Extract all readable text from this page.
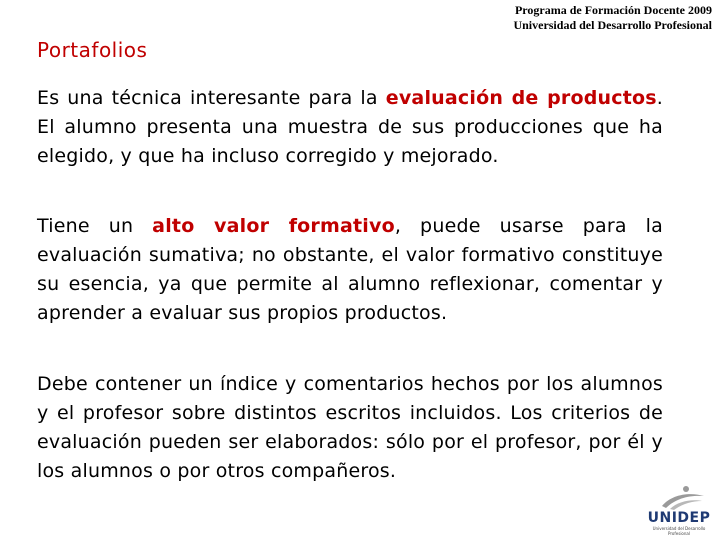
Programa de Formación Docente 2009
Universidad del Desarrollo Profesional
Portafolios

Es una técnica interesante para la evaluación de productos. El alumno presenta una muestra de sus producciones que ha elegido, y que ha incluso corregido y mejorado.

Tiene un alto valor formativo, puede usarse para la evaluación sumativa; no obstante, el valor formativo constituye su esencia, ya que permite al alumno reflexionar, comentar y aprender a evaluar sus propios productos.

Debe contener un índice y comentarios hechos por los alumnos y el profesor sobre distintos escritos incluidos. Los criterios de evaluación pueden ser elaborados: sólo por el profesor, por él y los alumnos o por otros compañeros.

UNIDEP
Universidad del Desarrollo Profesional
